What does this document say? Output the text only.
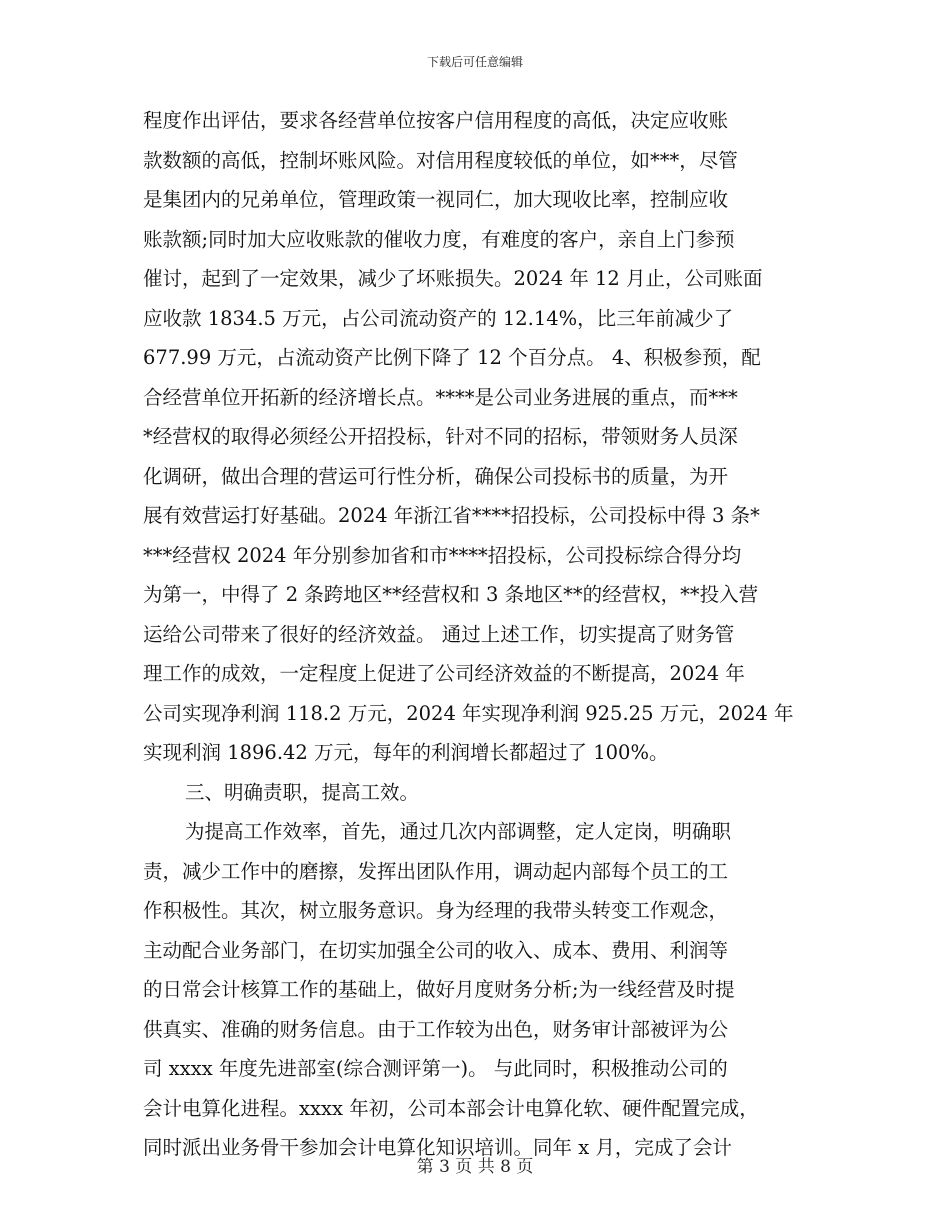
下载后可任意编辑
程度作出评估，要求各经营单位按客户信用程度的高低，决定应收账
款数额的高低，控制坏账风险。对信用程度较低的单位，如***，尽管
是集团内的兄弟单位，管理政策一视同仁，加大现收比率，控制应收
账款额;同时加大应收账款的催收力度，有难度的客户，亲自上门参预
催讨，起到了一定效果，减少了坏账损失。2024 年 12 月止，公司账面
应收款 1834.5 万元，占公司流动资产的 12.14%，比三年前减少了
677.99 万元，占流动资产比例下降了 12 个百分点。 4、积极参预，配
合经营单位开拓新的经济增长点。****是公司业务进展的重点，而***
*经营权的取得必须经公开招投标，针对不同的招标，带领财务人员深
化调研，做出合理的营运可行性分析，确保公司投标书的质量，为开
展有效营运打好基础。2024 年浙江省****招投标，公司投标中得 3 条*
***经营权 2024 年分别参加省和市****招投标，公司投标综合得分均
为第一，中得了 2 条跨地区**经营权和 3 条地区**的经营权，**投入营
运给公司带来了很好的经济效益。 通过上述工作，切实提高了财务管
理工作的成效，一定程度上促进了公司经济效益的不断提高，2024 年
公司实现净利润 118.2 万元，2024 年实现净利润 925.25 万元，2024 年
实现利润 1896.42 万元，每年的利润增长都超过了 100%。
三、明确责职，提高工效。
为提高工作效率，首先，通过几次内部调整，定人定岗，明确职
责，减少工作中的磨擦，发挥出团队作用，调动起内部每个员工的工
作积极性。其次，树立服务意识。身为经理的我带头转变工作观念，
主动配合业务部门，在切实加强全公司的收入、成本、费用、利润等
的日常会计核算工作的基础上，做好月度财务分析;为一线经营及时提
供真实、准确的财务信息。由于工作较为出色，财务审计部被评为公
司 xxxx 年度先进部室(综合测评第一)。 与此同时，积极推动公司的
会计电算化进程。xxxx 年初，公司本部会计电算化软、硬件配置完成，
同时派出业务骨干参加会计电算化知识培训。同年 x 月，完成了会计
第 3 页 共 8 页
